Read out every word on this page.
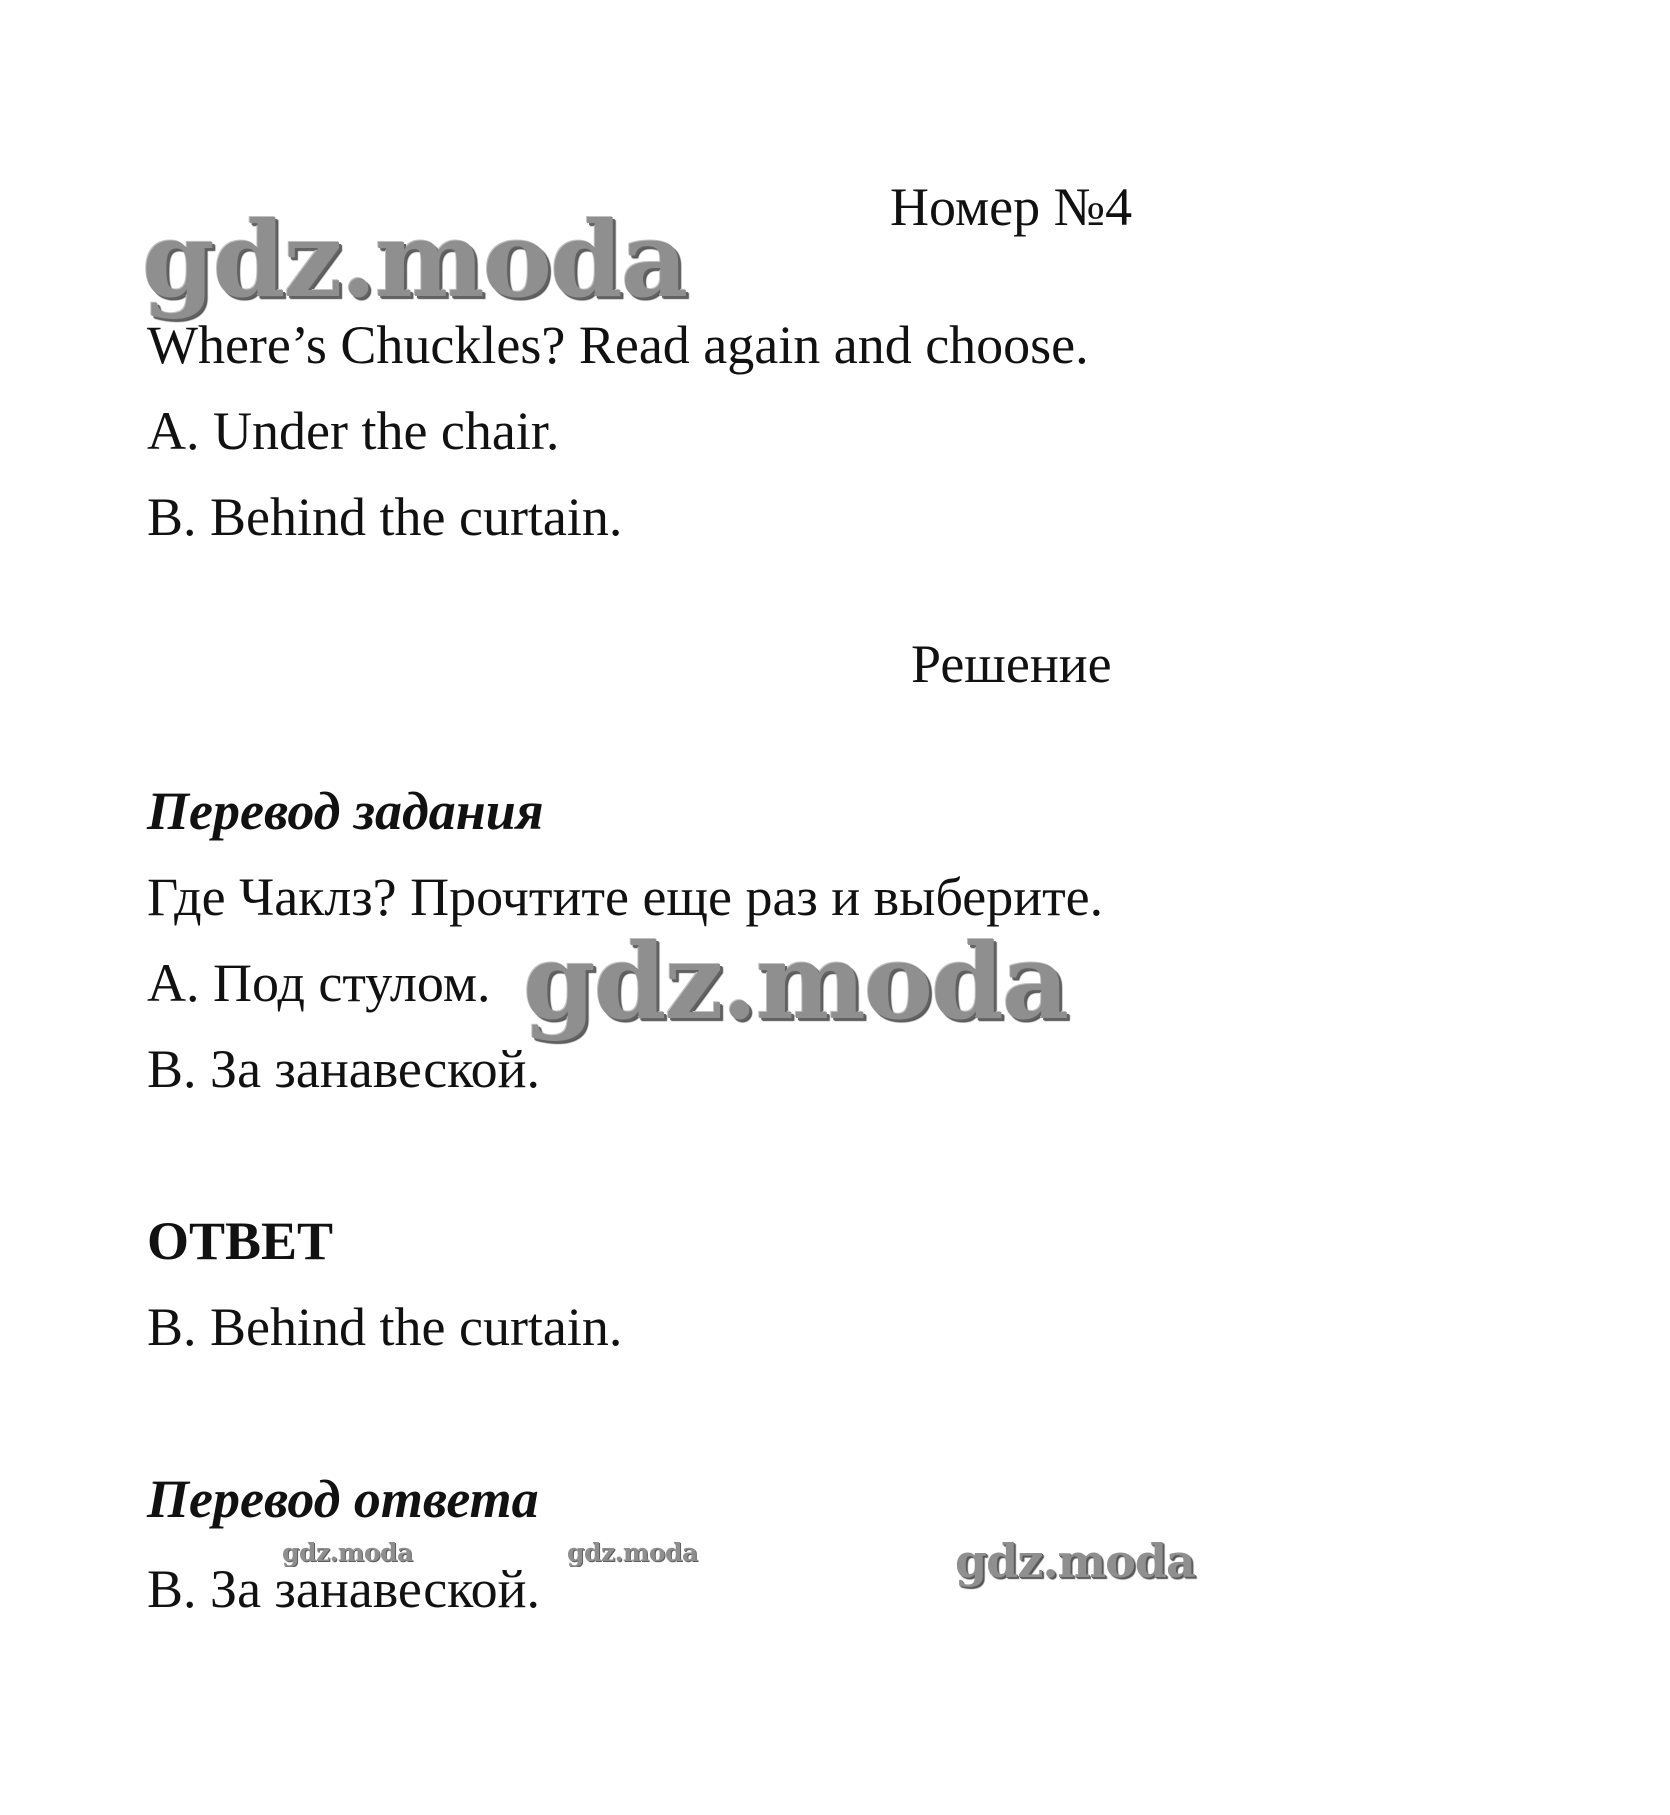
Номер №4
gdz.moda
Where’s Chuckles? Read again and choose.
A. Under the chair.
B. Behind the curtain.
Решение
Перевод задания
Где Чаклз? Прочтите еще раз и выберите.
А. Под стулом. gdz.moda
В. За занавеской.
ОТВЕТ
B. Behind the curtain.
Перевод ответа
gdz.moda	gdz.moda	gdz.moda
В. За занавеской.
